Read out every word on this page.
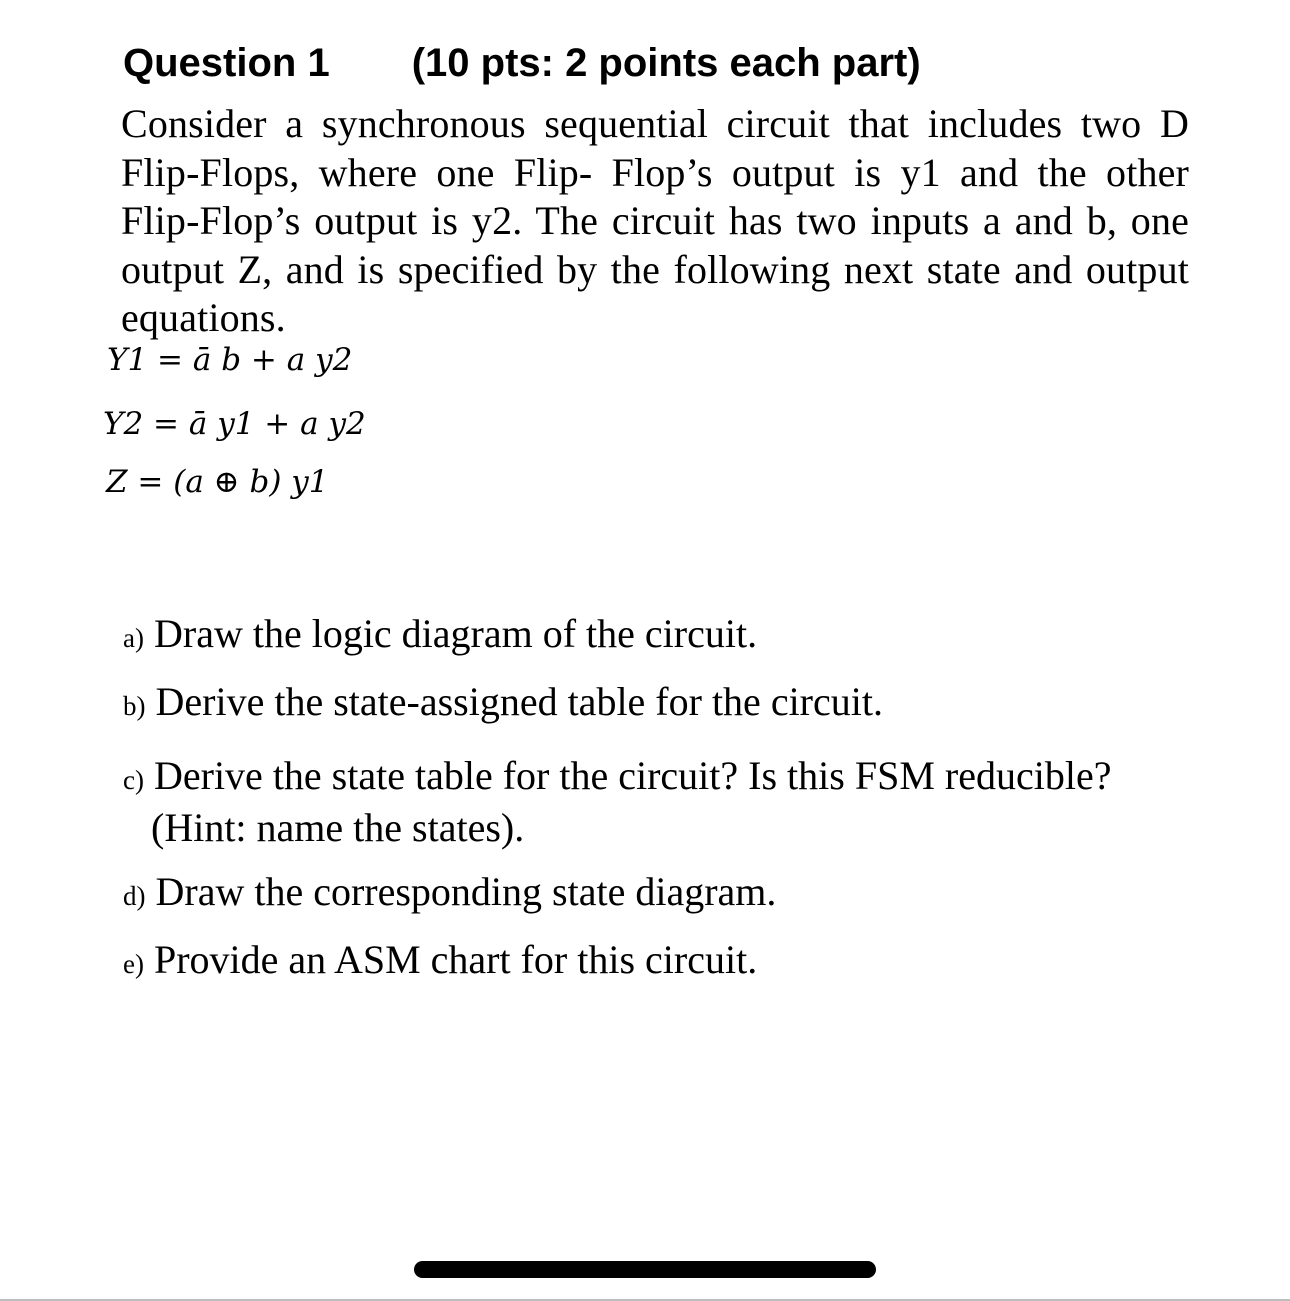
Question 1 (10 pts: 2 points each part)
Consider a synchronous sequential circuit that includes two D
Flip-Flops, where one Flip- Flop’s output is y1 and the other
Flip-Flop’s output is y2. The circuit has two inputs a and b, one
output Z, and is specified by the following next state and output
equations.
Y1 = ā b + a y2
Y2 = ā y1 + a y2
Z = (a ⊕ b) y1
a) Draw the logic diagram of the circuit.
b) Derive the state-assigned table for the circuit.
c) Derive the state table for the circuit? Is this FSM reducible?
(Hint: name the states).
d) Draw the corresponding state diagram.
e) Provide an ASM chart for this circuit.
